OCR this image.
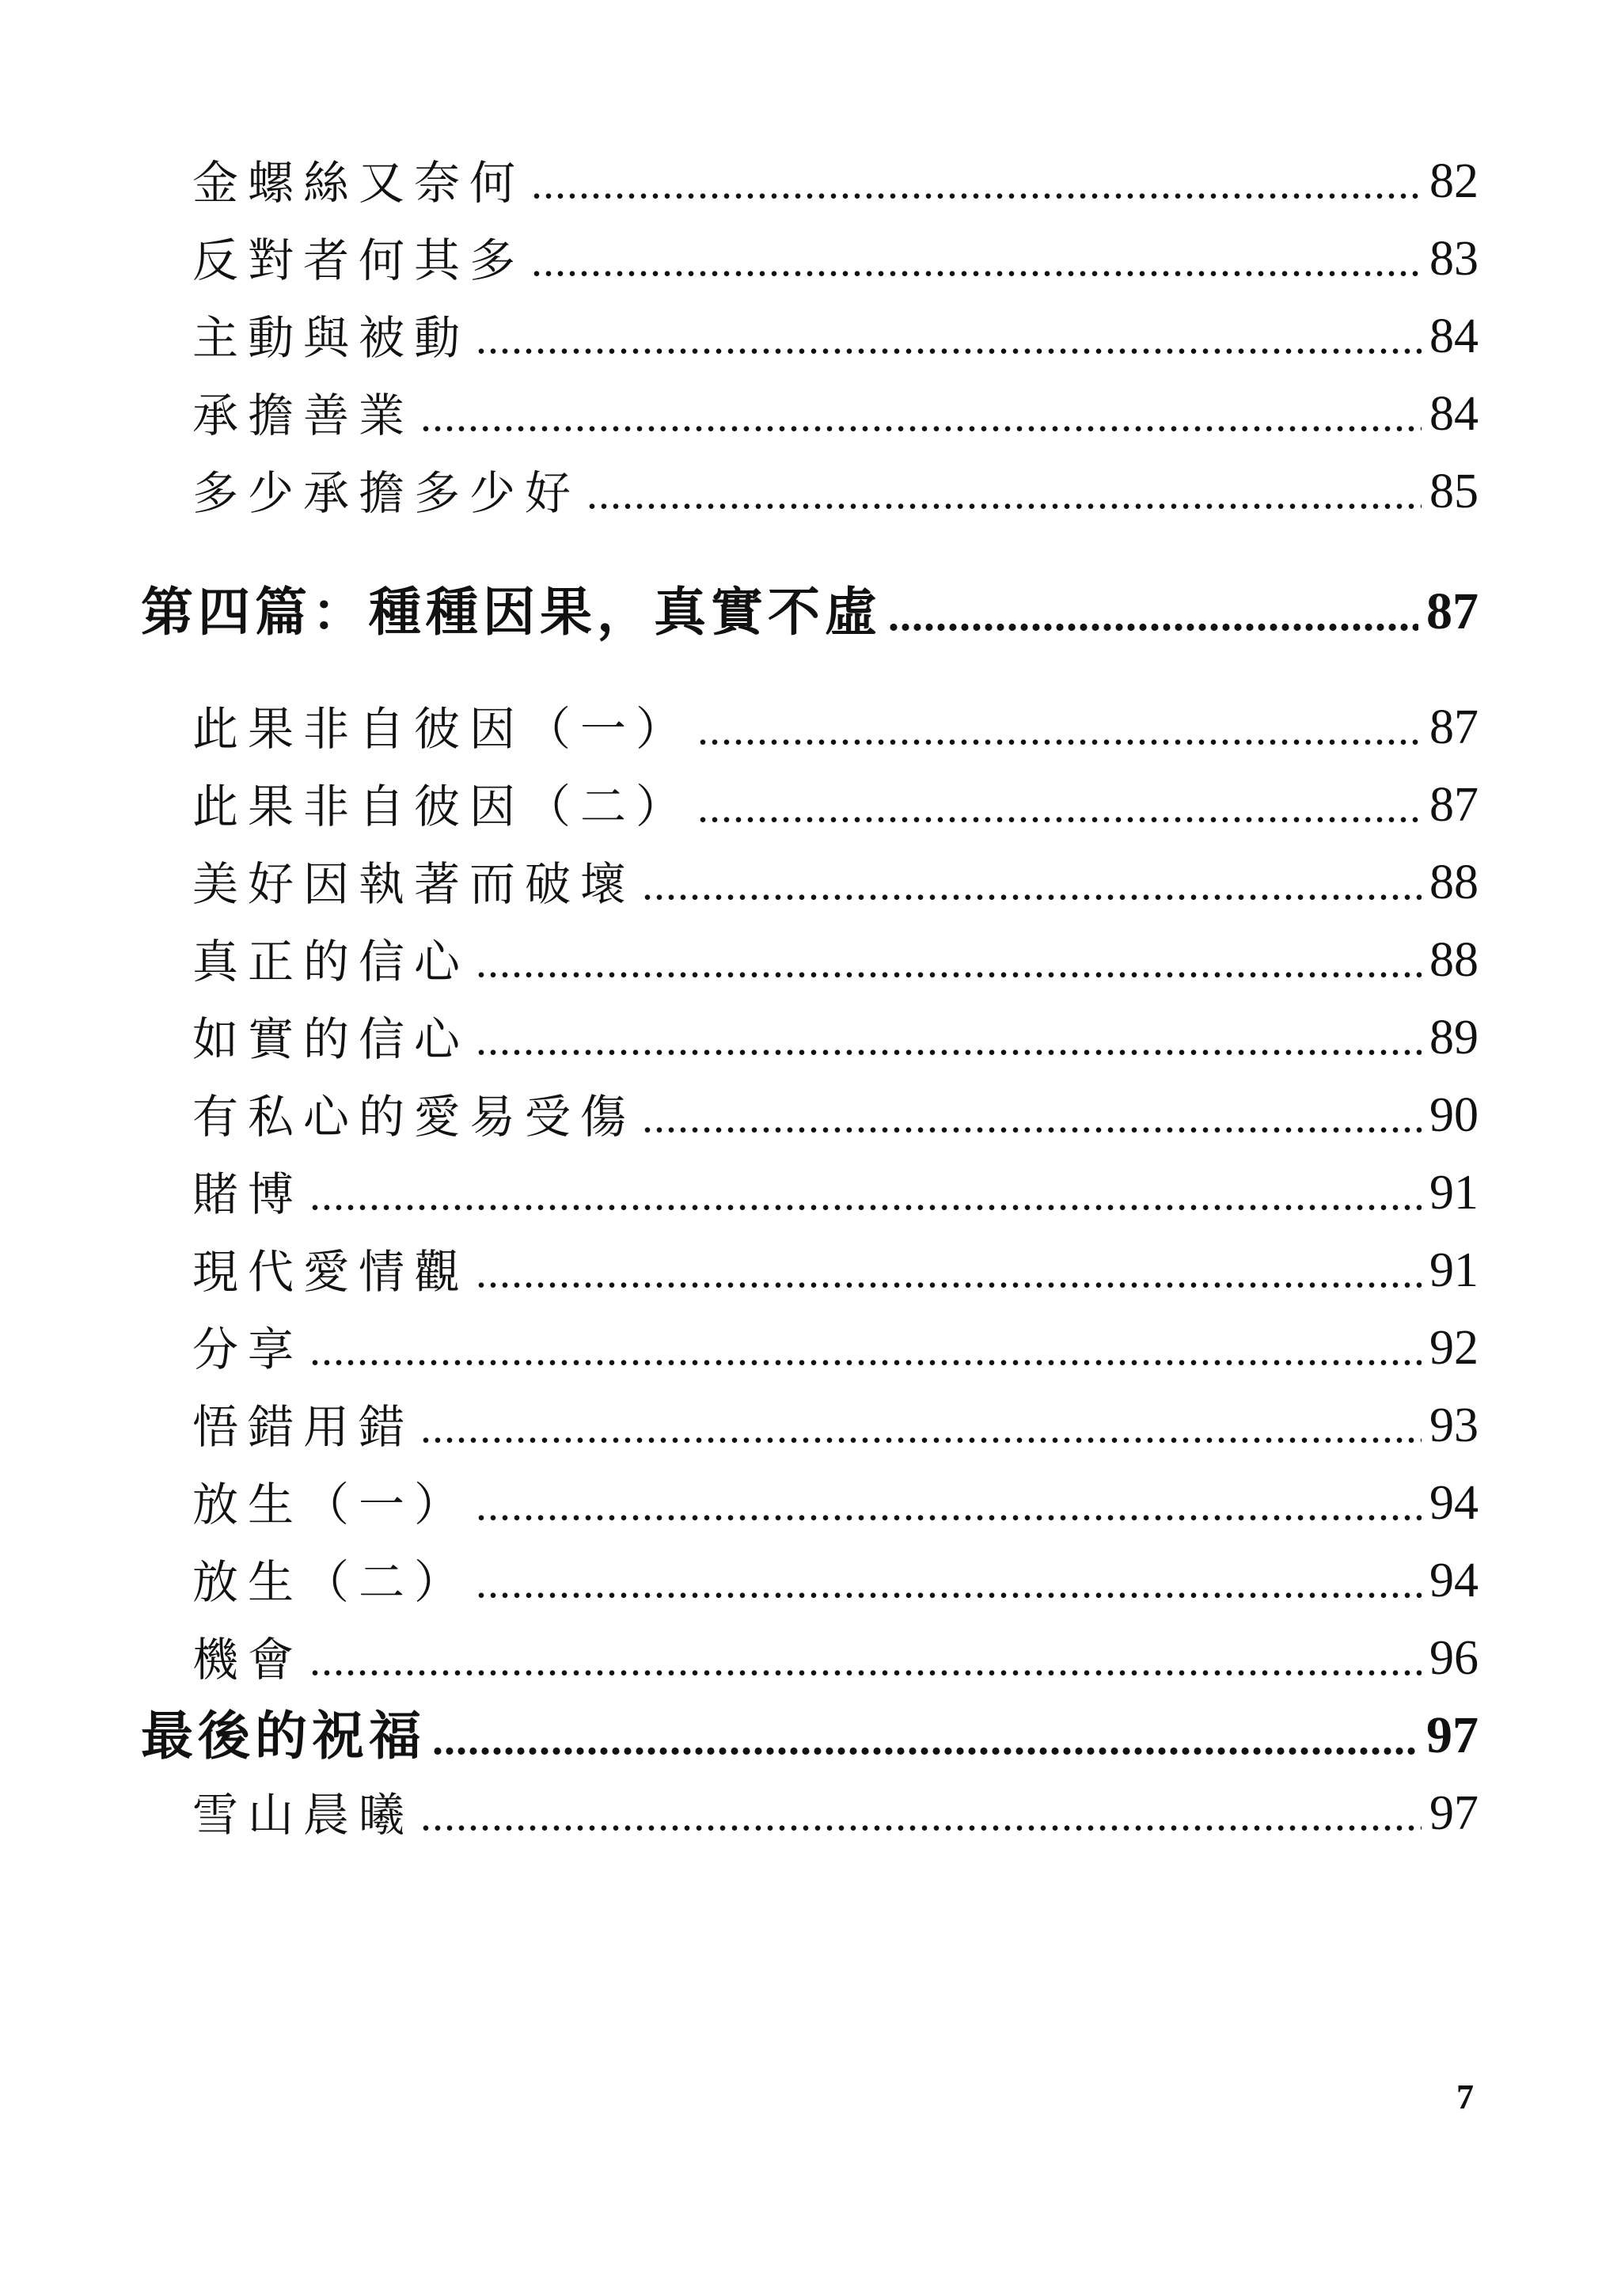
金螺絲又奈何 .....	82
反對者何其多 .....	83
主動與被動 .....	84
承擔善業 .....	84
多少承擔多少好 .....	85
第四篇：種種因果，真實不虛 .....	87
此果非自彼因（一） .....	87
此果非自彼因（二） .....	87
美好因執著而破壞 .....	88
真正的信心 .....	88
如實的信心 .....	89
有私心的愛易受傷 .....	90
賭博 .....	91
現代愛情觀 .....	91
分享 .....	92
悟錯用錯 .....	93
放生（一） .....	94
放生（二） .....	94
機會 .....	96
最後的祝福 .....	97
雪山晨曦 .....	97
7
